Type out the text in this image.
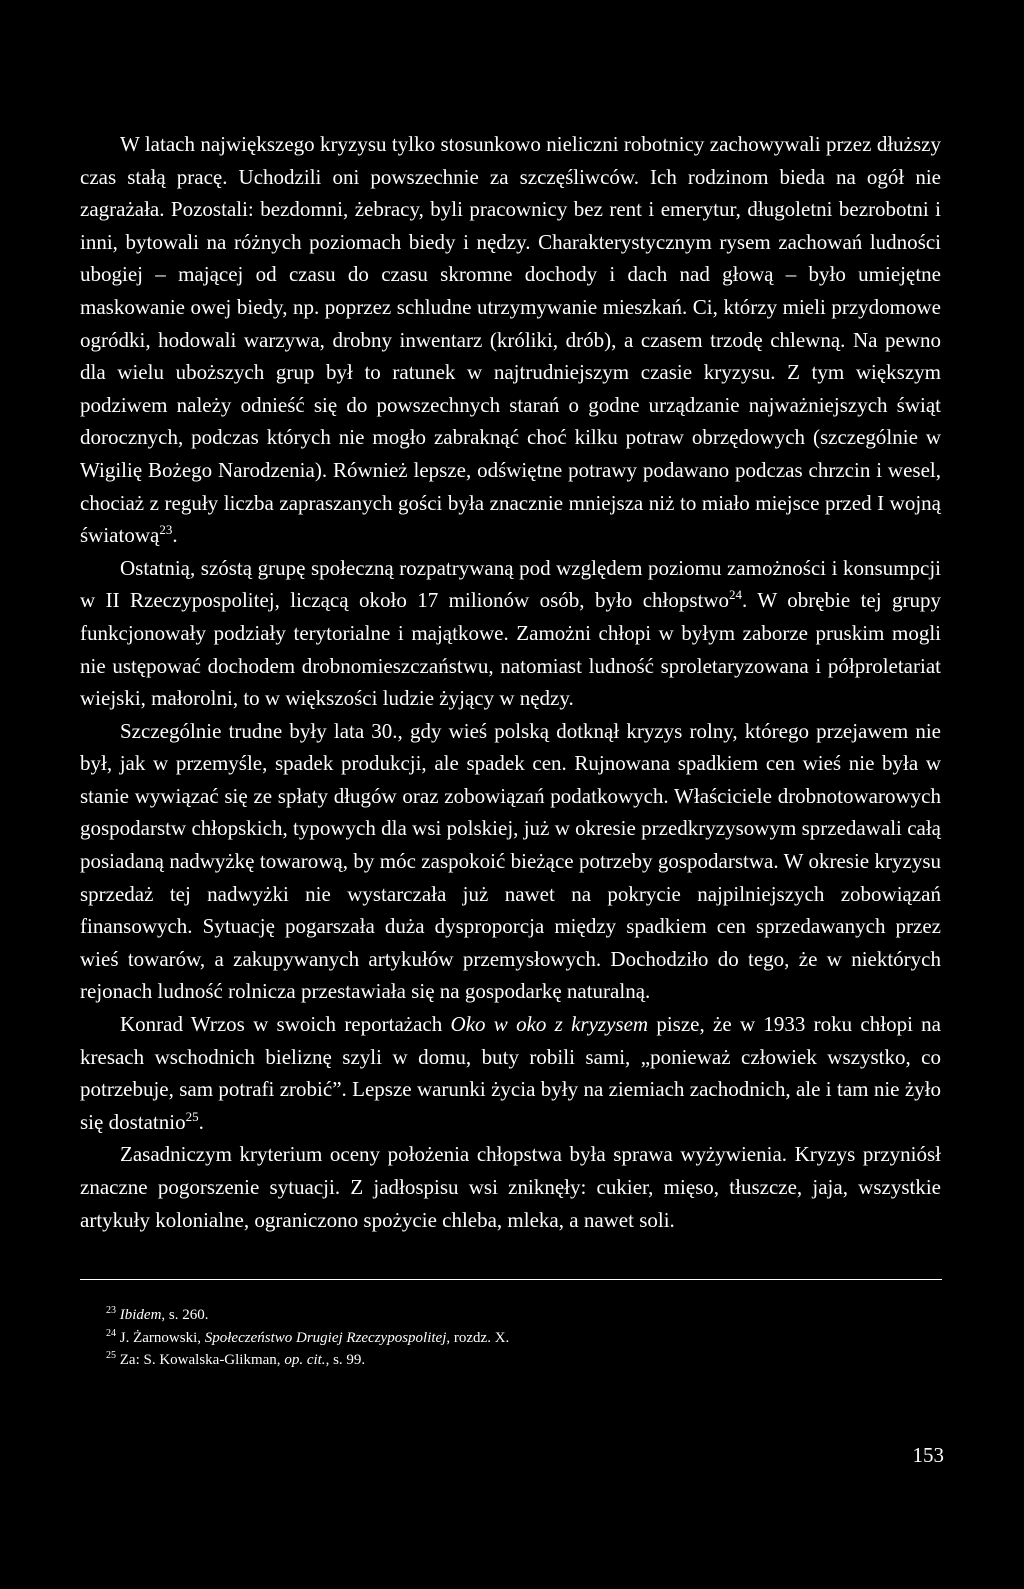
W latach największego kryzysu tylko stosunkowo nieliczni robotnicy zachowywali przez dłuższy czas stałą pracę. Uchodzili oni powszechnie za szczęśliwców. Ich rodzinom bieda na ogół nie zagrażała. Pozostali: bezdomni, żebracy, byli pracownicy bez rent i emerytur, długoletni bezrobotni i inni, bytowali na różnych poziomach biedy i nędzy. Charakterystycznym rysem zachowań ludności ubogiej – mającej od czasu do czasu skromne dochody i dach nad głową – było umiejętne maskowanie owej biedy, np. poprzez schludne utrzymywanie mieszkań. Ci, którzy mieli przydomowe ogródki, hodowali warzywa, drobny inwentarz (króliki, drób), a czasem trzodę chlewną. Na pewno dla wielu uboższych grup był to ratunek w najtrudniejszym czasie kryzysu. Z tym większym podziwem należy odnieść się do powszechnych starań o godne urządzanie najważniejszych świąt dorocznych, podczas których nie mogło zabraknąć choć kilku potraw obrzędowych (szczególnie w Wigilię Bożego Narodzenia). Również lepsze, odświętne potrawy podawano podczas chrzcin i wesel, chociaż z reguły liczba zapraszanych gości była znacznie mniejsza niż to miało miejsce przed I wojną światową$^{23}$.

Ostatnią, szóstą grupę społeczną rozpatrywaną pod względem poziomu zamożności i konsumpcji w II Rzeczypospolitej, liczącą około 17 milionów osób, było chłopstwo$^{24}$. W obrębie tej grupy funkcjonowały podziały terytorialne i majątkowe. Zamożni chłopi w byłym zaborze pruskim mogli nie ustępować dochodem drobnomieszczaństwu, natomiast ludność sproletaryzowana i półproletariat wiejski, małorolni, to w większości ludzie żyjący w nędzy.

Szczególnie trudne były lata 30., gdy wieś polską dotknął kryzys rolny, którego przejawem nie był, jak w przemyśle, spadek produkcji, ale spadek cen. Rujnowana spadkiem cen wieś nie była w stanie wywiązać się ze spłaty długów oraz zobowiązań podatkowych. Właściciele drobnotowarowych gospodarstw chłopskich, typowych dla wsi polskiej, już w okresie przedkryzysowym sprzedawali całą posiadaną nadwyżkę towarową, by móc zaspokoić bieżące potrzeby gospodarstwa. W okresie kryzysu sprzedaż tej nadwyżki nie wystarczała już nawet na pokrycie najpilniejszych zobowiązań finansowych. Sytuację pogarszała duża dysproporcja między spadkiem cen sprzedawanych przez wieś towarów, a zakupywanych artykułów przemysłowych. Dochodziło do tego, że w niektórych rejonach ludność rolnicza przestawiała się na gospodarkę naturalną.

Konrad Wrzos w swoich reportażach Oko w oko z kryzysem pisze, że w 1933 roku chłopi na kresach wschodnich bieliznę szyli w domu, buty robili sami, „ponieważ człowiek wszystko, co potrzebuje, sam potrafi zrobić”. Lepsze warunki życia były na ziemiach zachodnich, ale i tam nie żyło się dostatnio$^{25}$.

Zasadniczym kryterium oceny położenia chłopstwa była sprawa wyżywienia. Kryzys przyniósł znaczne pogorszenie sytuacji. Z jadłospisu wsi zniknęły: cukier, mięso, tłuszcze, jaja, wszystkie artykuły kolonialne, ograniczono spożycie chleba, mleka, a nawet soli.

$^{23}$ Ibidem, s. 260.

$^{24}$ J. Żarnowski, Społeczeństwo Drugiej Rzeczypospolitej, rozdz. X.

$^{25}$ Za: S. Kowalska-Glikman, op. cit., s. 99.

153
